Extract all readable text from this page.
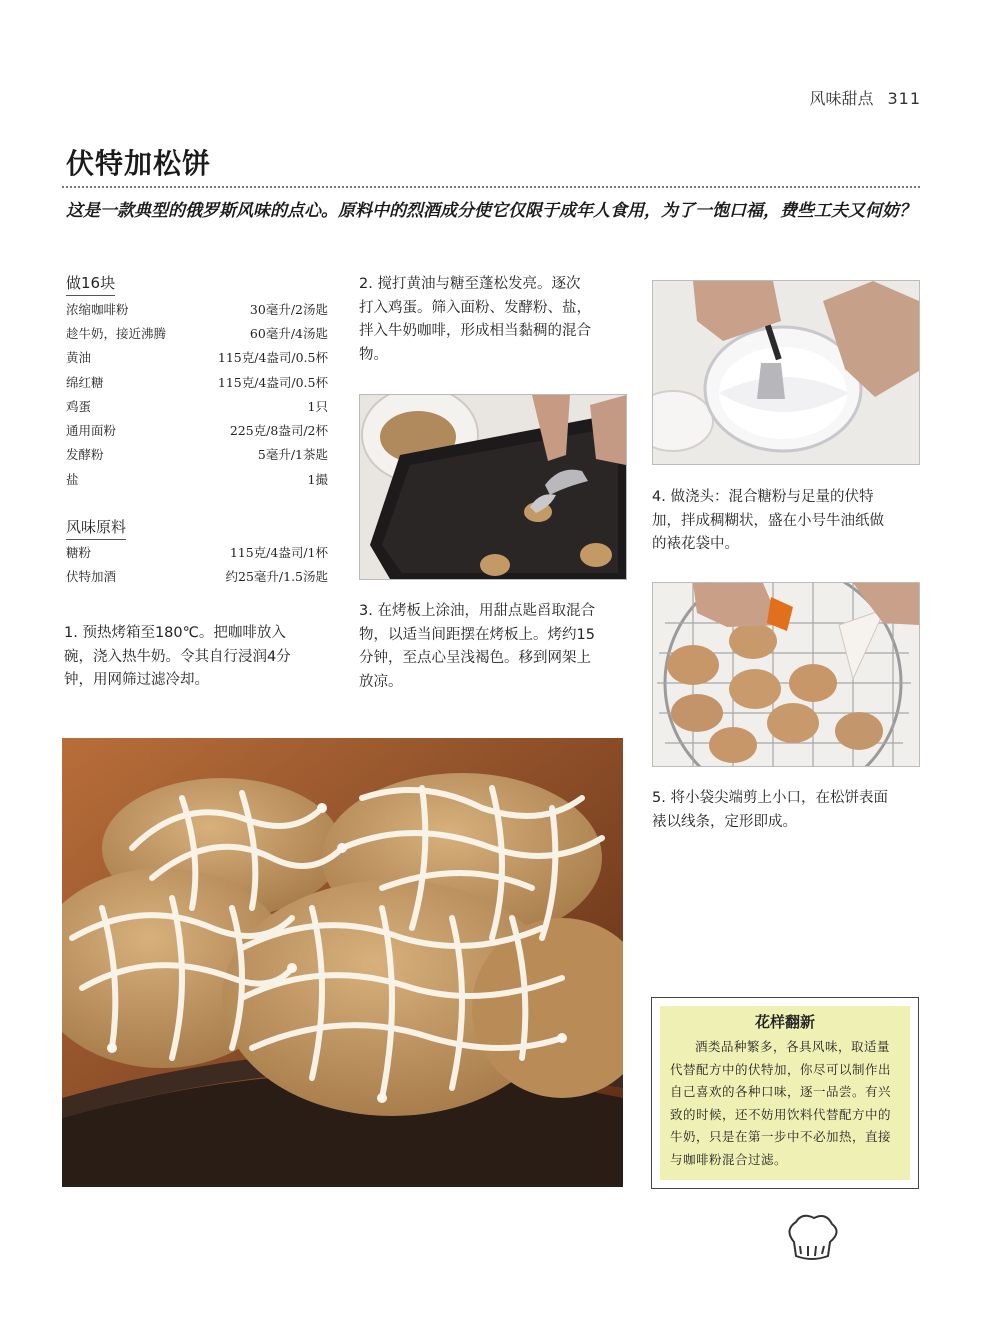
风味甜点 311
伏特加松饼
这是一款典型的俄罗斯风味的点心。原料中的烈酒成分使它仅限于成年人食用，为了一饱口福，费些工夫又何妨？
做16块
浓缩咖啡粉	30毫升/2汤匙
趁牛奶，接近沸腾	60毫升/4汤匙
黄油	115克/4盎司/0.5杯
绵红糖	115克/4盎司/0.5杯
鸡蛋	1只
通用面粉	225克/8盎司/2杯
发酵粉	5毫升/1茶匙
盐	1撮
风味原料
糖粉	115克/4盎司/1杯
伏特加酒	约25毫升/1.5汤匙
1. 预热烤箱至180℃。把咖啡放入
碗，浇入热牛奶。令其自行浸润4分
钟，用网筛过滤冷却。
2. 搅打黄油与糖至蓬松发亮。逐次
打入鸡蛋。筛入面粉、发酵粉、盐，
拌入牛奶咖啡，形成相当黏稠的混合
物。
3. 在烤板上涂油，用甜点匙舀取混合
物，以适当间距摆在烤板上。烤约15
分钟，至点心呈浅褐色。移到网架上
放凉。
4. 做浇头：混合糖粉与足量的伏特
加，拌成稠糊状，盛在小号牛油纸做
的裱花袋中。
5. 将小袋尖端剪上小口，在松饼表面
裱以线条，定形即成。
花样翻新
酒类品种繁多，各具风味，取适量代替配方中的伏特加，你尽可以制作出自己喜欢的各种口味，逐一品尝。有兴致的时候，还不妨用饮料代替配方中的牛奶，只是在第一步中不必加热，直接与咖啡粉混合过滤。
